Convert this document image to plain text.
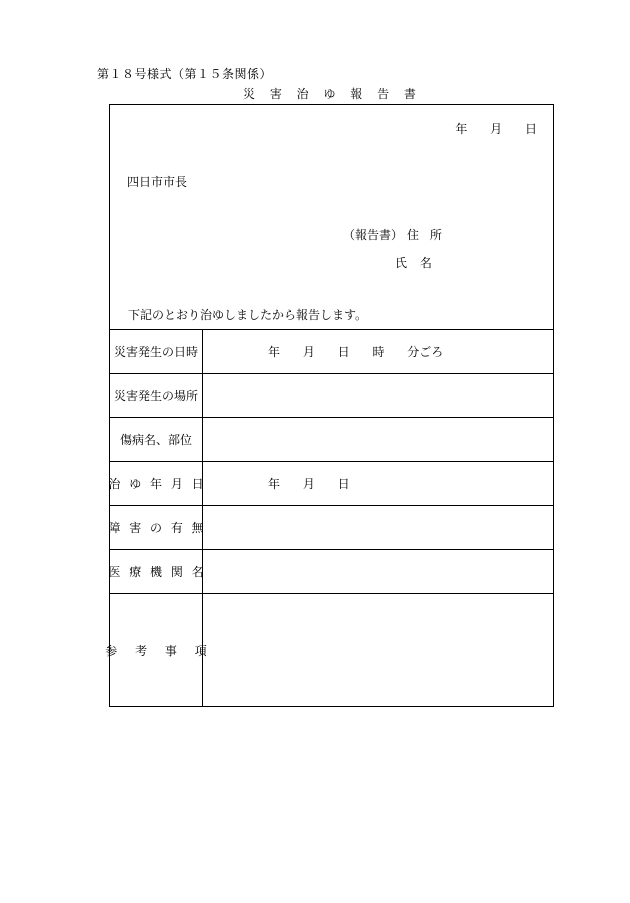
第１８号様式（第１５条関係）
災 害 治 ゆ 報 告 書
年 月 日
四日市市長
（報告書） 住 所
氏 名
下記のとおり治ゆしましたから報告します。
災害発生の日時	年 月 日 時 分ごろ
災害発生の場所
傷病名、部位
治 ゆ 年 月 日	年 月 日
障 害 の 有 無
医 療 機 関 名
参 考 事 項
